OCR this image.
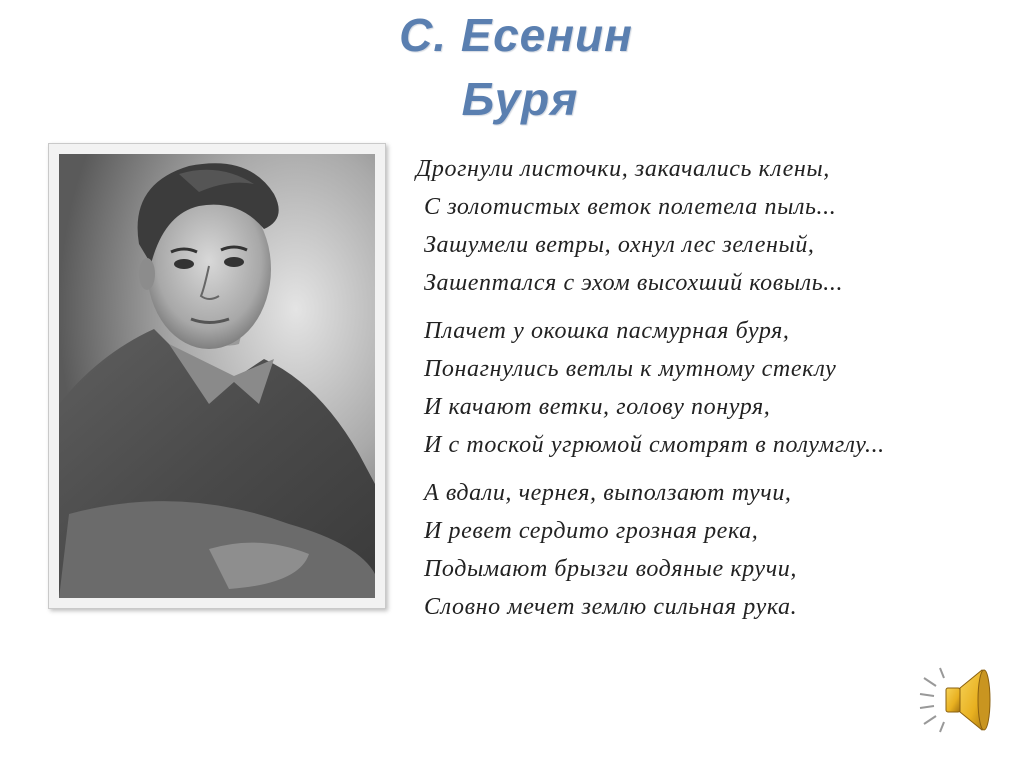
С. Есенин
Буря
Дрогнули листочки, закачались клены,
С золотистых веток полетела пыль...
Зашумели ветры, охнул лес зеленый,
Зашептался с эхом высохший ковыль...
Плачет у окошка пасмурная буря,
Понагнулись ветлы к мутному стеклу
И качают ветки, голову понуря,
И с тоской угрюмой смотрят в полумглу...
А вдали, чернея, выползают тучи,
И ревет сердито грозная река,
Подымают брызги водяные кручи,
Словно мечет землю сильная рука.
